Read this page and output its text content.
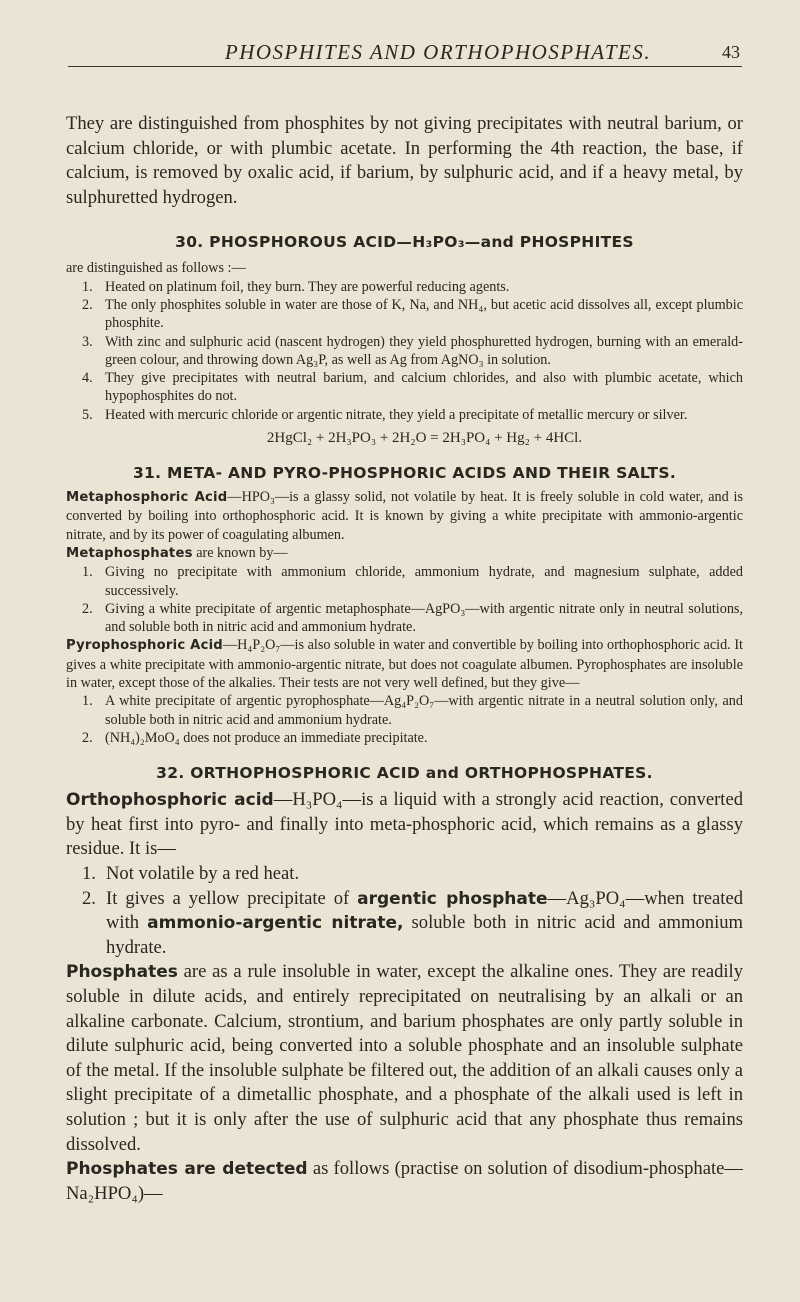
PHOSPHITES AND ORTHOPHOSPHATES.	43

They are distinguished from phosphites by not giving precipitates with neutral barium, or calcium chloride, or with plumbic acetate. In performing the 4th reaction, the base, if calcium, is removed by oxalic acid, if barium, by sulphuric acid, and if a heavy metal, by sulphuretted hydrogen.

30. PHOSPHOROUS ACID—H₃PO₃—and PHOSPHITES

are distinguished as follows :—

1. Heated on platinum foil, they burn. They are powerful reducing agents.
2. The only phosphites soluble in water are those of K, Na, and NH₄, but acetic acid dissolves all, except plumbic phosphite.
3. With zinc and sulphuric acid (nascent hydrogen) they yield phosphuretted hydrogen, burning with an emerald-green colour, and throwing down Ag₃P, as well as Ag from AgNO₃ in solution.
4. They give precipitates with neutral barium, and calcium chlorides, and also with plumbic acetate, which hypophosphites do not.
5. Heated with mercuric chloride or argentic nitrate, they yield a precipitate of metallic mercury or silver.

2HgCl₂ + 2H₃PO₃ + 2H₂O = 2H₃PO₄ + Hg₂ + 4HCl.

31. META- AND PYRO-PHOSPHORIC ACIDS AND THEIR SALTS.

Metaphosphoric Acid—HPO₃—is a glassy solid, not volatile by heat. It is freely soluble in cold water, and is converted by boiling into orthophosphoric acid. It is known by giving a white precipitate with ammonio-argentic nitrate, and by its power of coagulating albumen.

Metaphosphates are known by—

1. Giving no precipitate with ammonium chloride, ammonium hydrate, and magnesium sulphate, added successively.
2. Giving a white precipitate of argentic metaphosphate—AgPO₃—with argentic nitrate only in neutral solutions, and soluble both in nitric acid and ammonium hydrate.

Pyrophosphoric Acid—H₄P₂O₇—is also soluble in water and convertible by boiling into orthophosphoric acid. It gives a white precipitate with ammonio-argentic nitrate, but does not coagulate albumen. Pyrophosphates are insoluble in water, except those of the alkalies. Their tests are not very well defined, but they give—

1. A white precipitate of argentic pyrophosphate—Ag₄P₂O₇—with argentic nitrate in a neutral solution only, and soluble both in nitric acid and ammonium hydrate.
2. (NH₄)₂MoO₄ does not produce an immediate precipitate.
32. ORTHOPHOSPHORIC ACID and ORTHOPHOSPHATES.

Orthophosphoric acid—H₃PO₄—is a liquid with a strongly acid reaction, converted by heat first into pyro- and finally into meta-phosphoric acid, which remains as a glassy residue. It is—

1. Not volatile by a red heat.
2. It gives a yellow precipitate of argentic phosphate—Ag₃PO₄—when treated with ammonio-argentic nitrate, soluble both in nitric acid and ammonium hydrate.

Phosphates are as a rule insoluble in water, except the alkaline ones. They are readily soluble in dilute acids, and entirely reprecipitated on neutralising by an alkali or an alkaline carbonate. Calcium, strontium, and barium phosphates are only partly soluble in dilute sulphuric acid, being converted into a soluble phosphate and an insoluble sulphate of the metal. If the insoluble sulphate be filtered out, the addition of an alkali causes only a slight precipitate of a dimetallic phosphate, and a phosphate of the alkali used is left in solution ; but it is only after the use of sulphuric acid that any phosphate thus remains dissolved.

Phosphates are detected as follows (practise on solution of disodium-phosphate—Na₂HPO₄)—
